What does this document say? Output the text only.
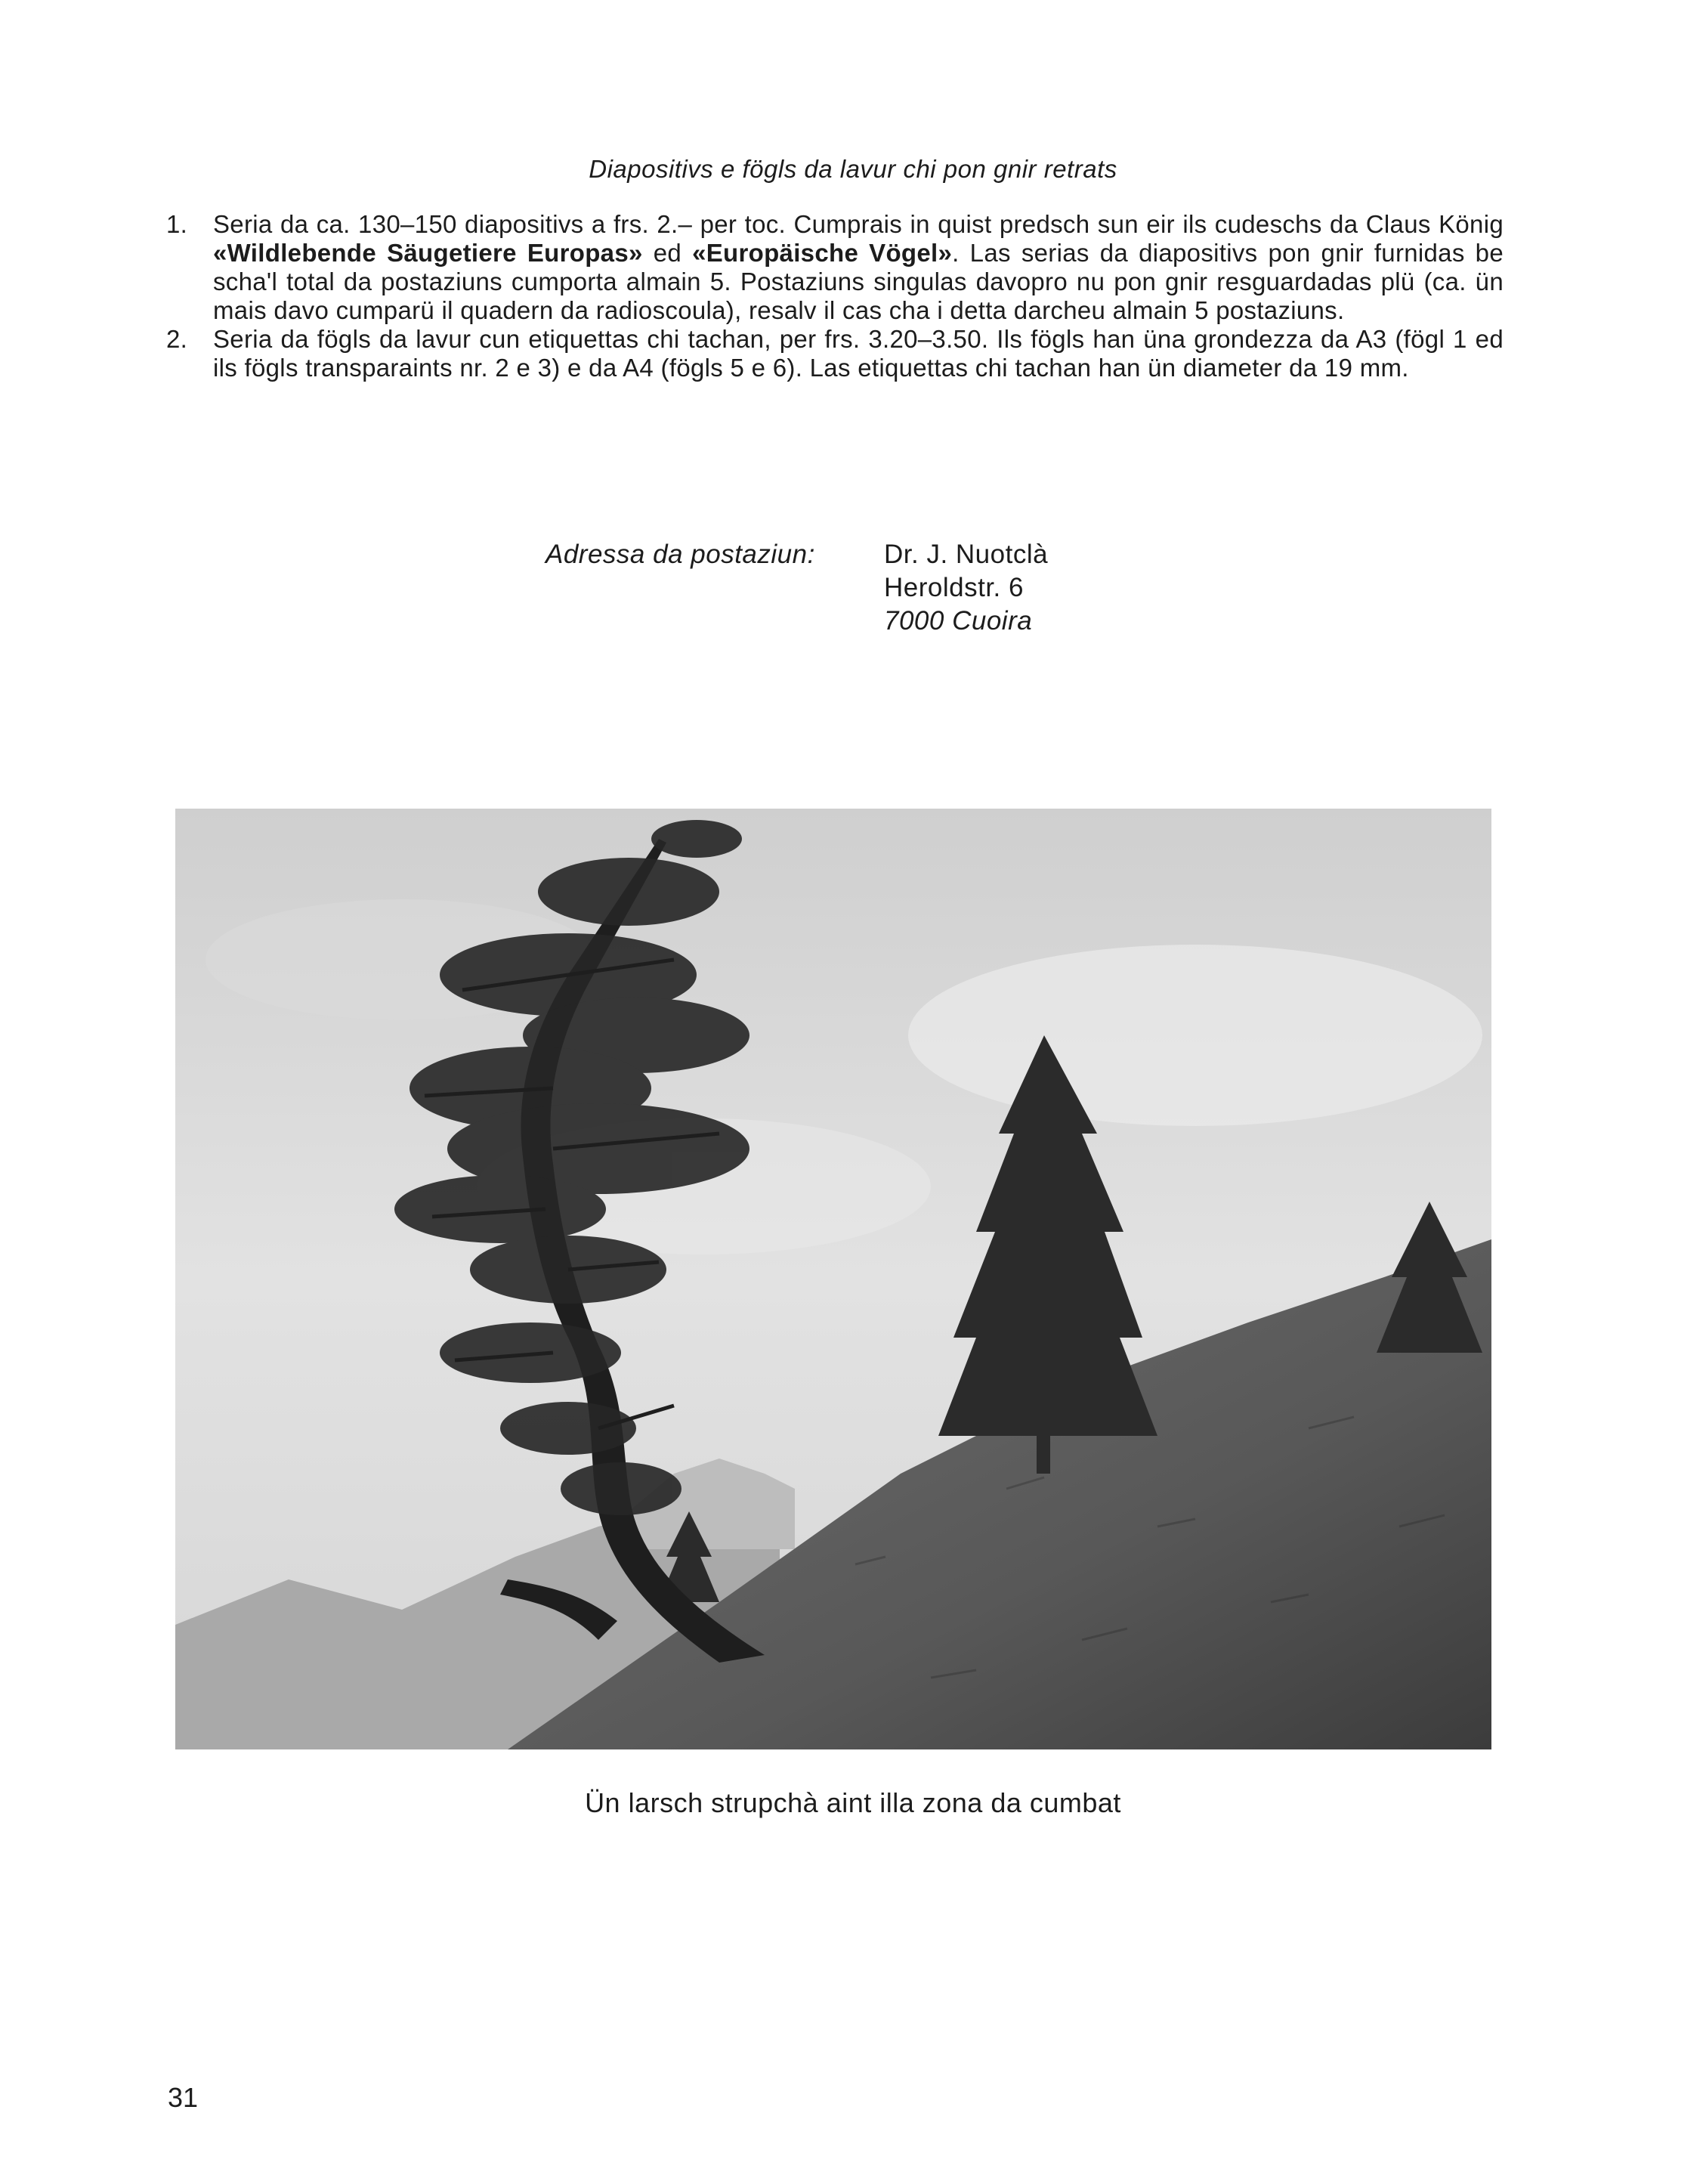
Diapositivs e fögls da lavur chi pon gnir retrats
1.	Seria da ca. 130–150 diapositivs a frs. 2.– per toc. Cumprais in quist predsch sun eir ils cudeschs da Claus König «Wildlebende Säugetiere Europas» ed «Europäische Vögel». Las serias da diapositivs pon gnir furnidas be scha'l total da postaziuns cumporta almain 5. Postaziuns singulas davopro nu pon gnir resguardadas plü (ca. ün mais davo cumparü il quadern da radioscoula), resalv il cas cha i detta darcheu almain 5 postaziuns.
2.	Seria da fögls da lavur cun etiquettas chi tachan, per frs. 3.20–3.50. Ils fögls han üna grondezza da A3 (fögl 1 ed ils fögls transparaints nr. 2 e 3) e da A4 (fögls 5 e 6). Las etiquettas chi tachan han ün diameter da 19 mm.
Adressa da postaziun:	Dr. J. Nuotclà
Heroldstr. 6
7000 Cuoira
Ün larsch strupchà aint illa zona da cumbat
31
